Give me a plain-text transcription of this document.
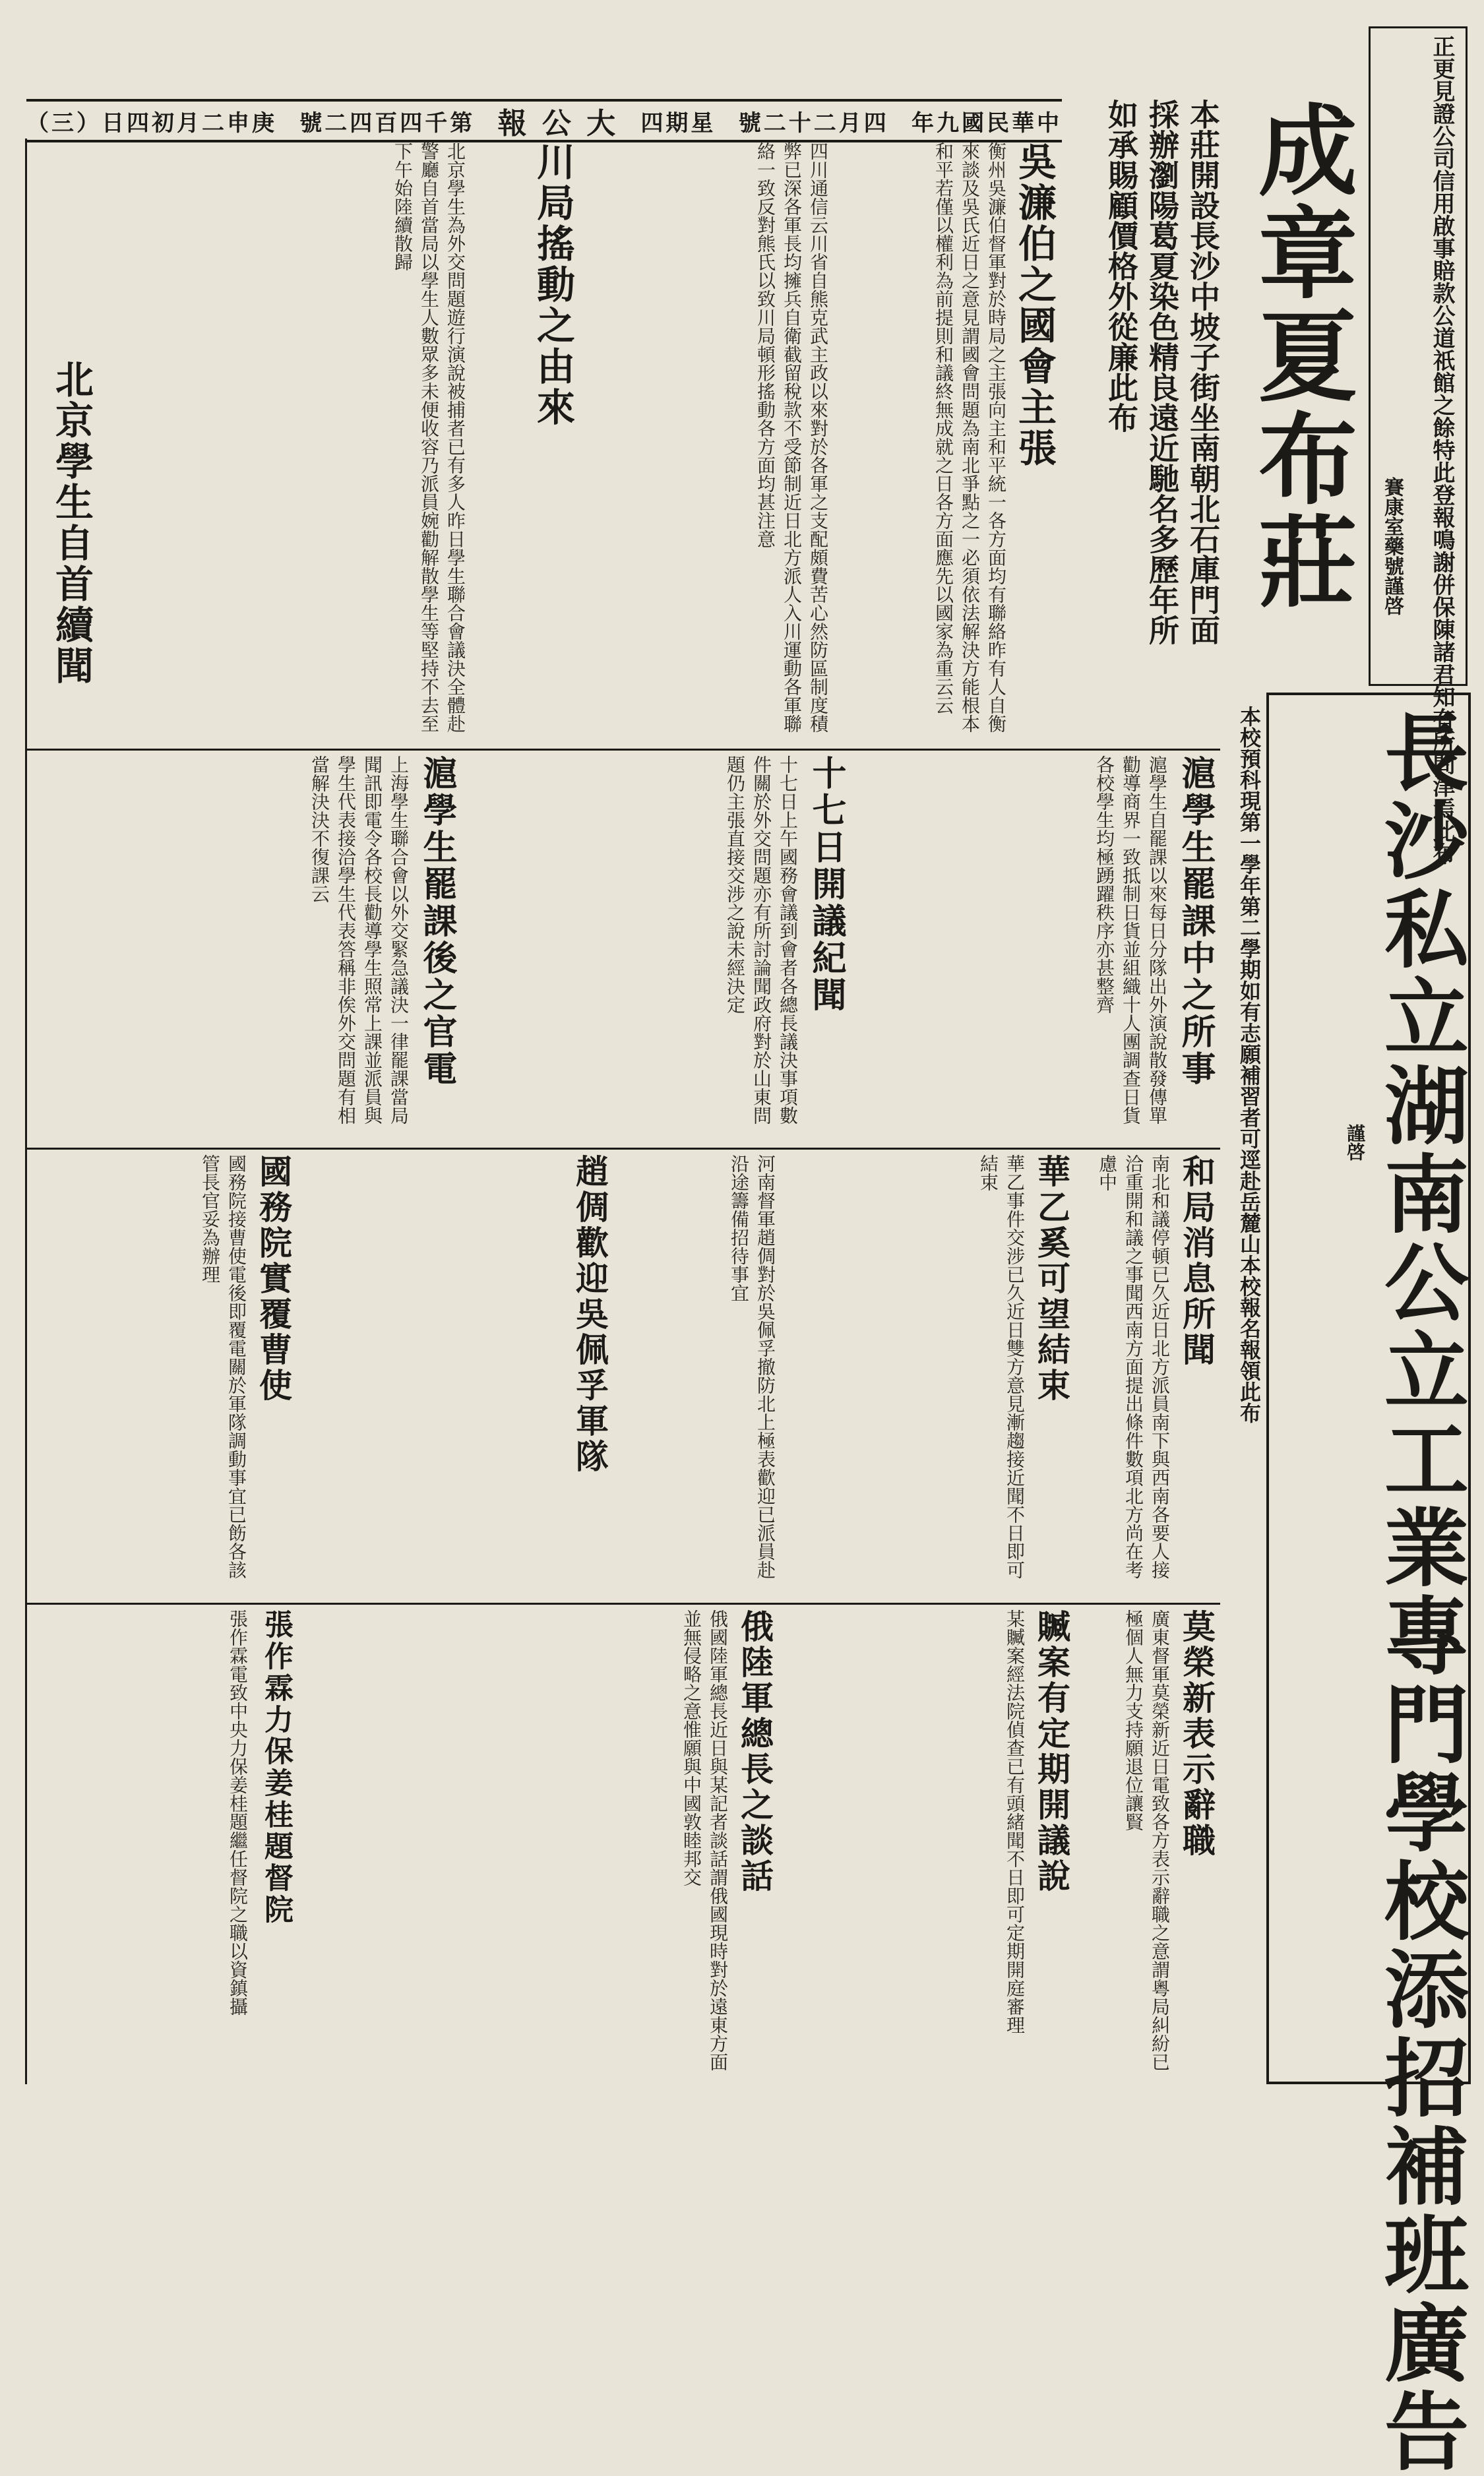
（三）日四初月二申庚 號二四百四千第 報 公 大 四期星 號二十二月四 年九國民華中	正更見證公司信用啟事賠款公道祇館之餘特此登報鳴謝併保陳諸君知有所問津焉此布
賽康室藥號謹啓
成章夏布莊
本莊開設長沙中坡子街坐南朝北石庫門面採辦瀏陽葛夏染色精良遠近馳名多歷年所如承賜顧價格外從廉此布
長沙私立湖南公立工業專門學校添招補班廣告
謹啓
本校預科現第一學年第二學期如有志願補習者可逕赴岳麓山本校報名報領此布
吳濂伯之國會主張
衡州吳濂伯督軍對於時局之主張向主和平統一各方面均有聯絡昨有人自衡來談及吳氏近日之意見謂國會問題為南北爭點之一必須依法解決方能根本和平若僅以權利為前提則和議終無成就之日各方面應先以國家為重云云
川局搖動之由來	四川通信云川省自熊克武主政以來對於各軍之支配頗費苦心然防區制度積弊已深各軍長均擁兵自衛截留稅款不受節制近日北方派人入川運動各軍聯絡一致反對熊氏以致川局頓形搖動各方面均甚注意
北京學生自首續聞	北京學生為外交問題遊行演說被捕者已有多人昨日學生聯合會議決全體赴警廳自首當局以學生人數眾多未便收容乃派員婉勸解散學生等堅持不去至下午始陸續散歸
滬學生罷課後之官電
上海學生聯合會以外交緊急議決一律罷課當局聞訊即電令各校長勸導學生照常上課並派員與學生代表接洽學生代表答稱非俟外交問題有相當解決決不復課云	滬學生罷課中之所事
滬學生自罷課以來每日分隊出外演說散發傳單勸導商界一致抵制日貨並組織十人團調查日貨各校學生均極踴躍秩序亦甚整齊
十七日開議紀聞
十七日上午國務會議到會者各總長議決事項數件關於外交問題亦有所討論聞政府對於山東問題仍主張直接交涉之說未經決定
和局消息所聞
南北和議停頓已久近日北方派員南下與西南各要人接洽重開和議之事聞西南方面提出條件數項北方尚在考慮中
華乙奚可望結束
華乙事件交涉已久近日雙方意見漸趨接近聞不日即可結束
莫榮新表示辭職
廣東督軍莫榮新近日電致各方表示辭職之意謂粵局糾紛已極個人無力支持願退位讓賢
趙倜歡迎吳佩孚軍隊	河南督軍趙倜對於吳佩孚撤防北上極表歡迎已派員赴沿途籌備招待事宜
國務院實覆曹使
國務院接曹使電後即覆電關於軍隊調動事宜已飭各該管長官妥為辦理
贓案有定期開議說
某贓案經法院偵查已有頭緒聞不日即可定期開庭審理
俄陸軍總長之談話
俄國陸軍總長近日與某記者談話謂俄國現時對於遠東方面並無侵略之意惟願與中國敦睦邦交
張作霖力保姜桂題督院
張作霖電致中央力保姜桂題繼任督院之職以資鎮攝
